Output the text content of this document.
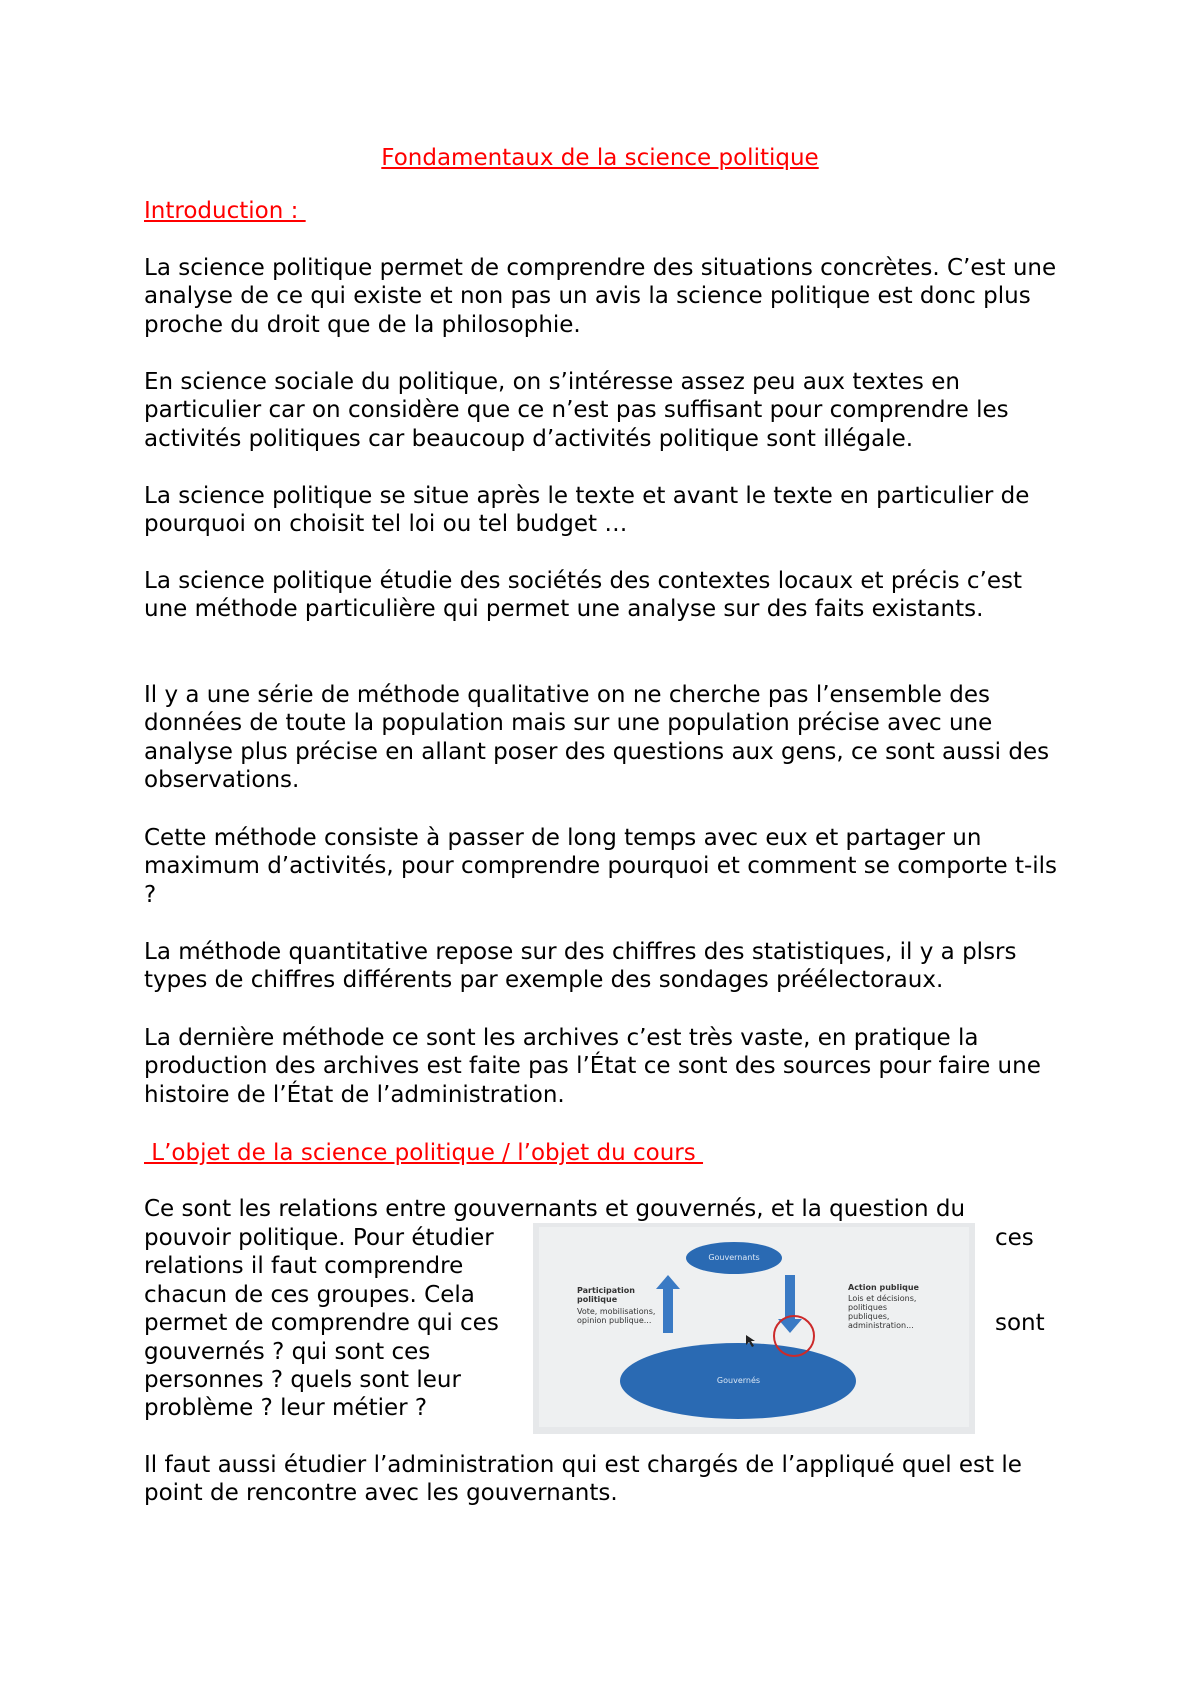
Fondamentaux de la science politique
Introduction :

La science politique permet de comprendre des situations concrètes. C’est une analyse de ce qui existe et non pas un avis la science politique est donc plus proche du droit que de la philosophie.

En science sociale du politique, on s’intéresse assez peu aux textes en particulier car on considère que ce n’est pas suffisant pour comprendre les activités politiques car beaucoup d’activités politique sont illégale.

La science politique se situe après le texte et avant le texte en particulier de pourquoi on choisit tel loi ou tel budget …

La science politique étudie des sociétés des contextes locaux et précis c’est une méthode particulière qui permet une analyse sur des faits existants.

Il y a une série de méthode qualitative on ne cherche pas l’ensemble des données de toute la population mais sur une population précise avec une analyse plus précise en allant poser des questions aux gens, ce sont aussi des observations.

Cette méthode consiste à passer de long temps avec eux et partager un maximum d’activités, pour comprendre pourquoi et comment se comporte t-ils ?

La méthode quantitative repose sur des chiffres des statistiques, il y a plsrs types de chiffres différents par exemple des sondages préélectoraux.

La dernière méthode ce sont les archives c’est très vaste, en pratique la production des archives est faite pas l’État ce sont des sources pour faire une histoire de l’État de l’administration.

L’objet de la science politique / l’objet du cours

Ce sont les relations entre gouvernants et gouvernés, et la question du

pouvoir politique. Pour étudier relations il faut comprendre chacun de ces groupes. Cela permet de comprendre qui ces gouvernés ? qui sont ces personnes ? quels sont leur problème ? leur métier ?

ces
sont
Gouvernants
Gouvernés
Participation politique
Vote, mobilisations, opinion publique...
Action publique
Lois et décisions, politiques publiques, administration...

Il faut aussi étudier l’administration qui est chargés de l’appliqué quel est le point de rencontre avec les gouvernants.
